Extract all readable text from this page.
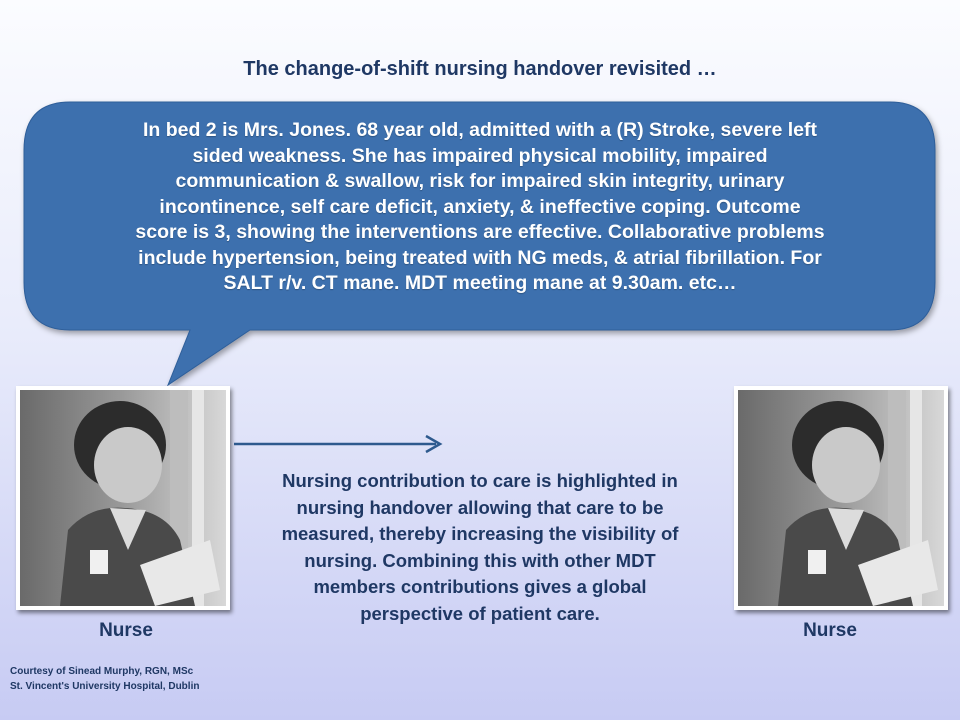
The change-of-shift nursing handover revisited …
In bed 2 is Mrs. Jones. 68 year old, admitted with a (R) Stroke, severe left
sided weakness. She has impaired physical mobility, impaired
communication & swallow, risk for impaired skin integrity, urinary
incontinence, self care deficit, anxiety, & ineffective coping. Outcome
score is 3, showing the interventions are effective. Collaborative problems
include hypertension, being treated with NG meds, & atrial fibrillation. For
SALT r/v. CT mane. MDT meeting mane at 9.30am. etc…
Nurse	Nurse
Nursing contribution to care is highlighted in
nursing handover allowing that care to be
measured, thereby increasing the visibility of
nursing. Combining this with other MDT
members contributions gives a global
perspective of patient care.
Courtesy of Sinead Murphy, RGN, MSc
St. Vincent's University Hospital, Dublin
